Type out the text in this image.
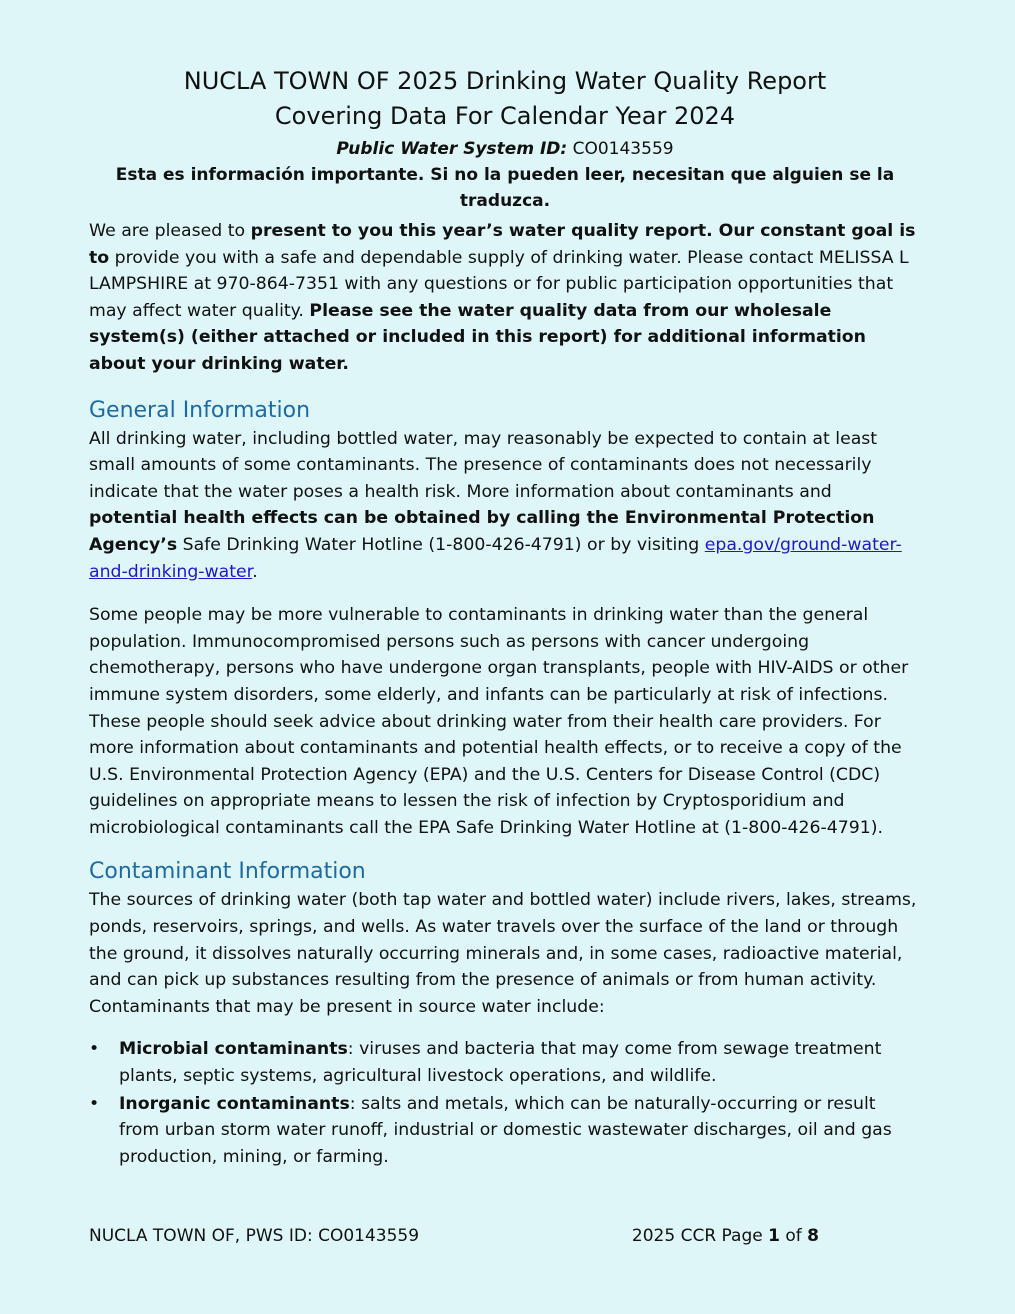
NUCLA TOWN OF 2025 Drinking Water Quality Report
Covering Data For Calendar Year 2024
Public Water System ID: CO0143559
Esta es información importante. Si no la pueden leer, necesitan que alguien se la traduzca.

We are pleased to present to you this year’s water quality report. Our constant goal is to provide you with a safe and dependable supply of drinking water. Please contact MELISSA L LAMPSHIRE at 970-864-7351 with any questions or for public participation opportunities that may affect water quality. Please see the water quality data from our wholesale system(s) (either attached or included in this report) for additional information about your drinking water.

General Information

All drinking water, including bottled water, may reasonably be expected to contain at least small amounts of some contaminants. The presence of contaminants does not necessarily indicate that the water poses a health risk. More information about contaminants and potential health effects can be obtained by calling the Environmental Protection Agency’s Safe Drinking Water Hotline (1-800-426-4791) or by visiting epa.gov/ground-water-and-drinking-water.

Some people may be more vulnerable to contaminants in drinking water than the general population. Immunocompromised persons such as persons with cancer undergoing chemotherapy, persons who have undergone organ transplants, people with HIV-AIDS or other immune system disorders, some elderly, and infants can be particularly at risk of infections. These people should seek advice about drinking water from their health care providers. For more information about contaminants and potential health effects, or to receive a copy of the U.S. Environmental Protection Agency (EPA) and the U.S. Centers for Disease Control (CDC) guidelines on appropriate means to lessen the risk of infection by Cryptosporidium and microbiological contaminants call the EPA Safe Drinking Water Hotline at (1-800-426-4791).

Contaminant Information

The sources of drinking water (both tap water and bottled water) include rivers, lakes, streams, ponds, reservoirs, springs, and wells. As water travels over the surface of the land or through the ground, it dissolves naturally occurring minerals and, in some cases, radioactive material, and can pick up substances resulting from the presence of animals or from human activity. Contaminants that may be present in source water include:

• Microbial contaminants: viruses and bacteria that may come from sewage treatment plants, septic systems, agricultural livestock operations, and wildlife.
• Inorganic contaminants: salts and metals, which can be naturally-occurring or result from urban storm water runoff, industrial or domestic wastewater discharges, oil and gas production, mining, or farming.
NUCLA TOWN OF, PWS ID: CO0143559	2025 CCR Page 1 of 8
